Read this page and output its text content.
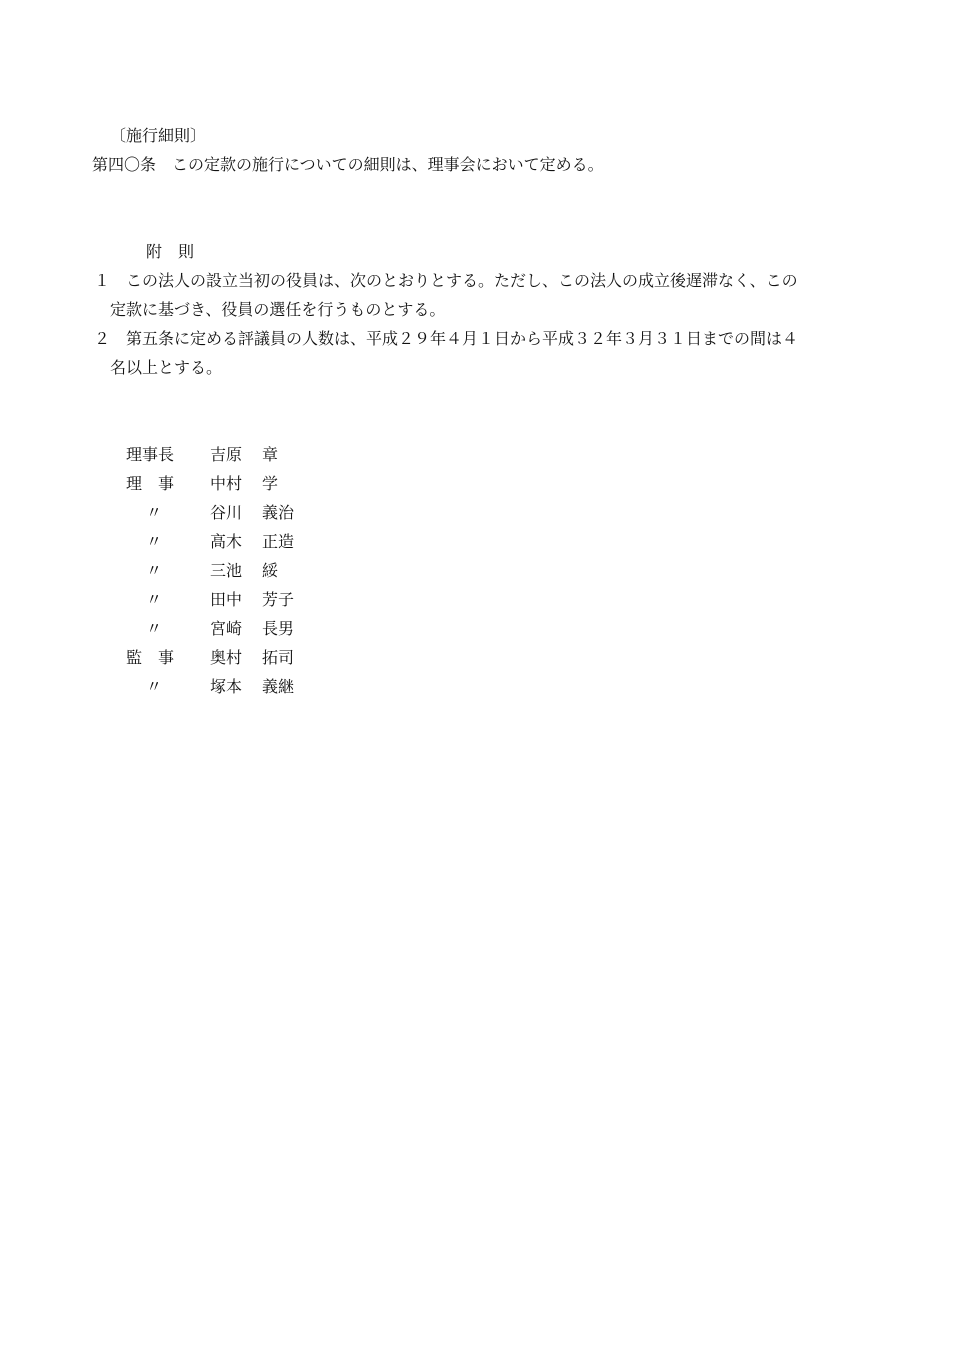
〔施行細則〕
第四〇条　この定款の施行についての細則は、理事会において定める。
附　則
１　この法人の設立当初の役員は、次のとおりとする。ただし、この法人の成立後遅滞なく、この
定款に基づき、役員の選任を行うものとする。
２　第五条に定める評議員の人数は、平成２９年４月１日から平成３２年３月３１日までの間は４
名以上とする。
理事長	吉原 章
理　事	中村 学
〃	谷川 義治
〃	高木 正造
〃	三池 綏
〃	田中 芳子
〃	宮崎 長男
監　事	奥村 拓司
〃	塚本 義継
